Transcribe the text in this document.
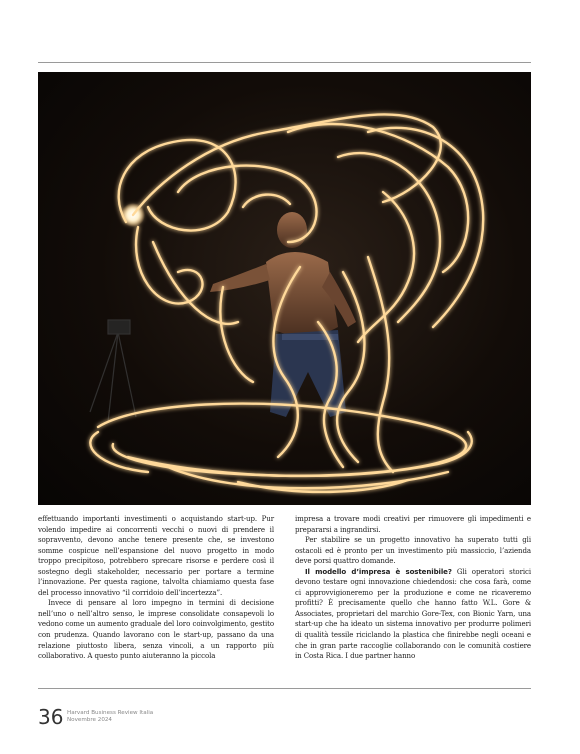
effettuando importanti investimenti o acquistando start-up. Pur volendo impedire ai concorrenti vecchi o nuovi di prendere il sopravvento, devono anche tenere presente che, se investono somme cospicue nell’espansione del nuovo progetto in modo troppo precipitoso, potrebbero sprecare risorse e perdere così il sostegno degli stakeholder, necessario per portare a termine l’innovazione. Per questa ragione, talvolta chiamiamo questa fase del processo innovativo “il corridoio dell’incertezza”.

Invece di pensare al loro impegno in termini di decisione nell’uno o nell’altro senso, le imprese consolidate consapevoli lo vedono come un aumento graduale del loro coinvolgimento, gestito con prudenza. Quando lavorano con le start-up, passano da una relazione piuttosto libera, senza vincoli, a un rapporto più collaborativo. A questo punto aiuteranno la piccola

impresa a trovare modi creativi per rimuovere gli impedimenti e prepararsi a ingrandirsi.

Per stabilire se un progetto innovativo ha superato tutti gli ostacoli ed è pronto per un investimento più massiccio, l’azienda deve porsi quattro domande.

Il modello d’impresa è sostenibile? Gli operatori storici devono testare ogni innovazione chiedendosi: che cosa farà, come ci approvvigioneremo per la produzione e come ne ricaveremo profitti? È precisamente quello che hanno fatto W.L. Gore & Associates, proprietari del marchio Gore-Tex, con Bionic Yarn, una start-up che ha ideato un sistema innovativo per produrre polimeri di qualità tessile riciclando la plastica che finirebbe negli oceani e che in gran parte raccoglie collaborando con le comunità costiere in Costa Rica. I due partner hanno

36 Harvard Business Review Italia
Novembre 2024
